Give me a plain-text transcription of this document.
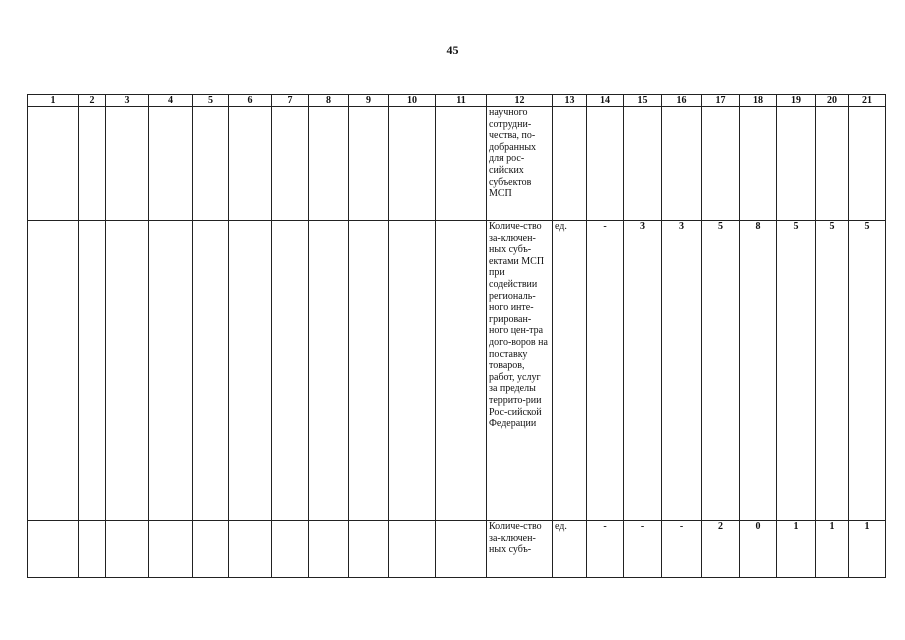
45
1	2	3	4	5	6	7	8	9	10	11	12	13	14	15	16	17	18	19	20	21
											научного сотрудни-чества, по-добранных для рос-сийских субъектов МСП									
											Количе-ство за-ключен-ных субъ-ектами МСП при содействии региональ-ного инте-грирован-ного цен-тра дого-воров на поставку товаров, работ, услуг за пределы террито-рии Рос-сийской Федерации	ед.	-	3	3	5	8	5	5	5
											Количе-ство за-ключен-ных субъ-	ед.	-	-	-	2	0	1	1	1
